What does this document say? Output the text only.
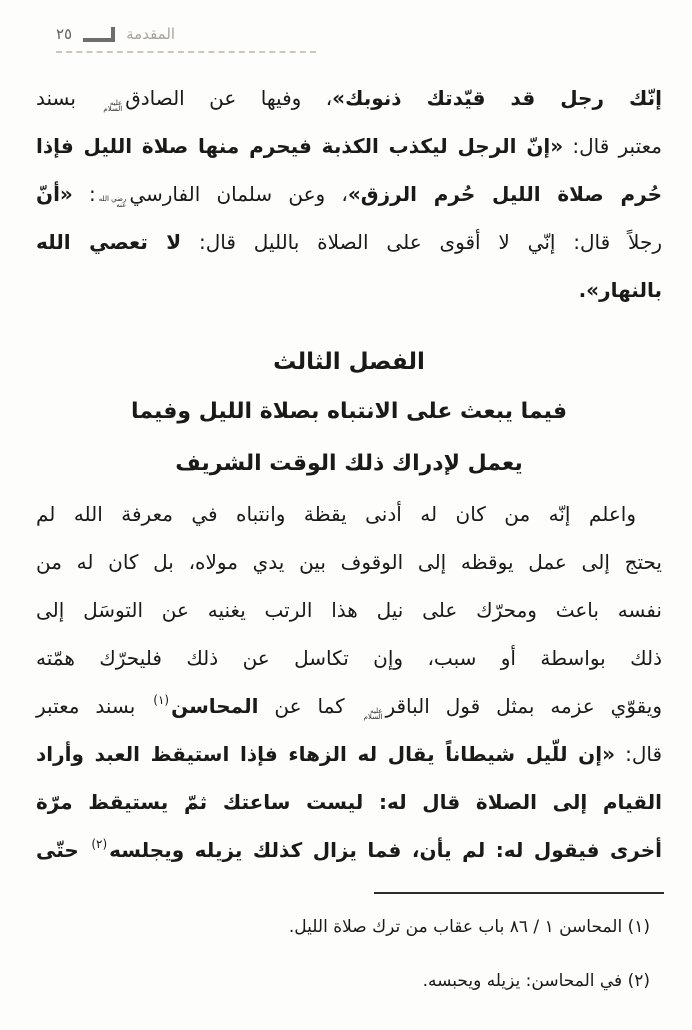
المقدمة
٢٥
إنّك رجل قد قيّدتك ذنوبك»، وفيها عن الصادق
عليه
السلام
بسند
معتبر قال: «إنّ الرجل ليكذب الكذبة فيحرم منها صلاة الليل فإذا
حُرم صلاة الليل حُرم الرزق»، وعن سلمان الفارسي
رضي الله
عنه
: «أنّ
رجلاً قال: إنّي لا أقوى على الصلاة بالليل قال: لا تعصي الله
بالنهار».
الفصل الثالث
فيما يبعث على الانتباه بصلاة الليل وفيما
يعمل لإدراك ذلك الوقت الشريف
واعلم إنّه من كان له أدنى يقظة وانتباه في معرفة الله لم
يحتج إلى عمل يوقظه إلى الوقوف بين يدي مولاه، بل كان له من
نفسه باعث ومحرّك على نيل هذا الرتب يغنيه عن التوسَل إلى
ذلك بواسطة أو سبب، وإن تكاسل عن ذلك فليحرّك همّته
ويقوّي عزمه بمثل قول الباقر
عليه
السلام
كما عن المحاسن$^{(١)}$ بسند معتبر
قال: «إن للّيل شيطاناً يقال له الزهاء فإذا استيقظ العبد وأراد
القيام إلى الصلاة قال له: ليست ساعتك ثمّ يستيقظ مرّة
أخرى فيقول له: لم يأن، فما يزال كذلك يزيله ويجلسه$^{(٢)}$ حتّى
(١) المحاسن ١ / ٨٦ باب عقاب من ترك صلاة الليل.
(٢) في المحاسن: يزيله ويحبسه.
